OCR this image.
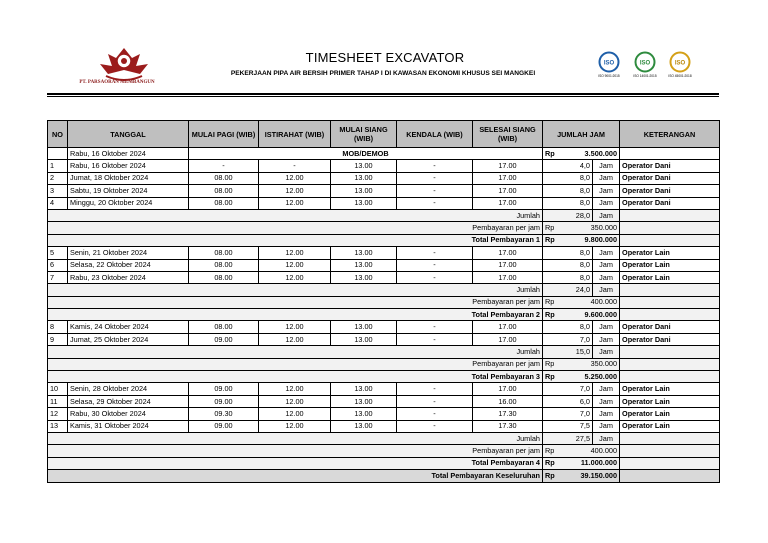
PT. PARSAORAN MEMBANGUN
TIMESHEET EXCAVATOR
PEKERJAAN PIPA AIR BERSIH PRIMER TAHAP I DI KAWASAN EKONOMI KHUSUS SEI MANGKEI
ISO
ISO 9001:2015
ISO
ISO 14001:2015
ISO
ISO 45001:2018
NO	TANGGAL	MULAI PAGI (WIB)	ISTIRAHAT (WIB)	MULAI SIANG (WIB)	KENDALA (WIB)	SELESAI SIANG (WIB)	JUMLAH JAM			KETERANGAN
	Rabu, 16 Oktober 2024	MOB/DEMOB					Rp	3.500.000		
1	Rabu, 16 Oktober 2024	-	-	13.00	-	17.00	4,0		Jam	Operator Dani
2	Jumat, 18 Oktober 2024	08.00	12.00	13.00	-	17.00	8,0		Jam	Operator Dani
3	Sabtu, 19 Oktober 2024	08.00	12.00	13.00	-	17.00	8,0		Jam	Operator Dani
4	Minggu, 20 Oktober 2024	08.00	12.00	13.00	-	17.00	8,0		Jam	Operator Dani
Jumlah							28,0		Jam	
Pembayaran per jam							Rp	350.000		
Total Pembayaran 1							Rp	9.800.000		
5	Senin, 21 Oktober 2024	08.00	12.00	13.00	-	17.00	8,0		Jam	Operator Lain
6	Selasa, 22 Oktober 2024	08.00	12.00	13.00	-	17.00	8,0		Jam	Operator Lain
7	Rabu, 23 Oktober 2024	08.00	12.00	13.00	-	17.00	8,0		Jam	Operator Lain
Jumlah							24,0		Jam	
Pembayaran per jam							Rp	400.000		
Total Pembayaran 2							Rp	9.600.000		
8	Kamis, 24 Oktober 2024	08.00	12.00	13.00	-	17.00	8,0		Jam	Operator Dani
9	Jumat, 25 Oktober 2024	09.00	12.00	13.00	-	17.00	7,0		Jam	Operator Dani
Jumlah							15,0		Jam	
Pembayaran per jam							Rp	350.000		
Total Pembayaran 3							Rp	5.250.000		
10	Senin, 28 Oktober 2024	09.00	12.00	13.00	-	17.00	7,0		Jam	Operator Lain
11	Selasa, 29 Oktober 2024	09.00	12.00	13.00	-	16.00	6,0		Jam	Operator Lain
12	Rabu, 30 Oktober 2024	09.30	12.00	13.00	-	17.30	7,0		Jam	Operator Lain
13	Kamis, 31 Oktober 2024	09.00	12.00	13.00	-	17.30	7,5		Jam	Operator Lain
Jumlah							27,5		Jam	
Pembayaran per jam							Rp	400.000		
Total Pembayaran 4							Rp	11.000.000		
Total Pembayaran Keseluruhan							Rp	39.150.000		
